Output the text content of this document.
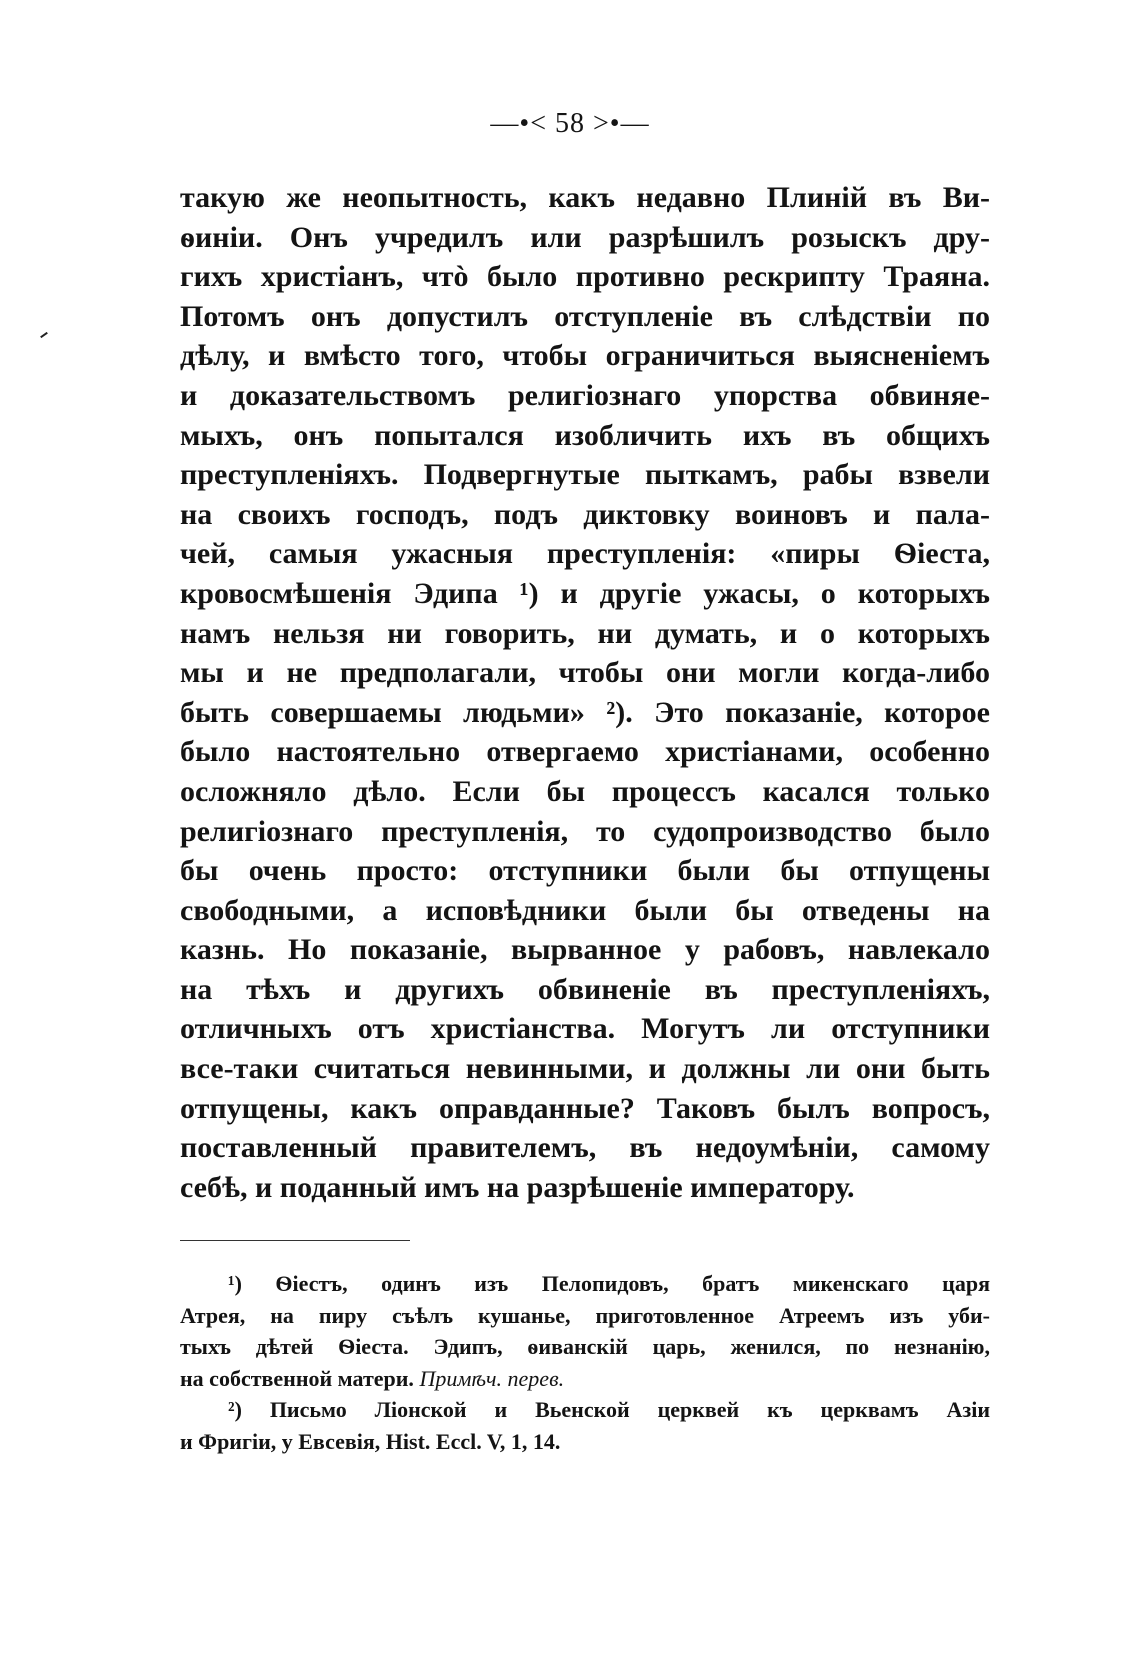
—•< 58 >•—
такую же неопытность, какъ недавно Плиній въ Ви-
ѳиніи. Онъ учредилъ или разрѣшилъ розыскъ дру-
гихъ христіанъ, чтò было противно рескрипту Траяна.
Потомъ онъ допустилъ отступленіе въ слѣдствіи по
дѣлу, и вмѣсто того, чтобы ограничиться выясненіемъ
и доказательствомъ религіознаго упорства обвиняе-
мыхъ, онъ попытался изобличить ихъ въ общихъ
преступленіяхъ. Подвергнутые пыткамъ, рабы взвели
на своихъ господъ, подъ диктовку воиновъ и пала-
чей, самыя ужасныя преступленія: «пиры Ѳіеста,
кровосмѣшенія Эдипа ¹) и другіе ужасы, о которыхъ
намъ нельзя ни говорить, ни думать, и о которыхъ
мы и не предполагали, чтобы они могли когда-либо
быть совершаемы людьми» ²). Это показаніе, которое
было настоятельно отвергаемо христіанами, особенно
осложняло дѣло. Если бы процессъ касался только
религіознаго преступленія, то судопроизводство было
бы очень просто: отступники были бы отпущены
свободными, а исповѣдники были бы отведены на
казнь. Но показаніе, вырванное у рабовъ, навлекало
на тѣхъ и другихъ обвиненіе въ преступленіяхъ,
отличныхъ отъ христіанства. Могутъ ли отступники
все-таки считаться невинными, и должны ли они быть
отпущены, какъ оправданные? Таковъ былъ вопросъ,
поставленный правителемъ, въ недоумѣніи, самому
себѣ, и поданный имъ на разрѣшеніе императору.
¹) Ѳіестъ, одинъ изъ Пелопидовъ, братъ микенскаго царя
Атрея, на пиру съѣлъ кушанье, приготовленное Атреемъ изъ уби-
тыхъ дѣтей Ѳіеста. Эдипъ, ѳиванскій царь, женился, по незнанію,
на собственной матери. Примѣч. перев.
²) Письмо Ліонской и Вьенской церквей къ церквамъ Азіи
и Фригіи, у Евсевія, Hist. Eccl. V, 1, 14.
